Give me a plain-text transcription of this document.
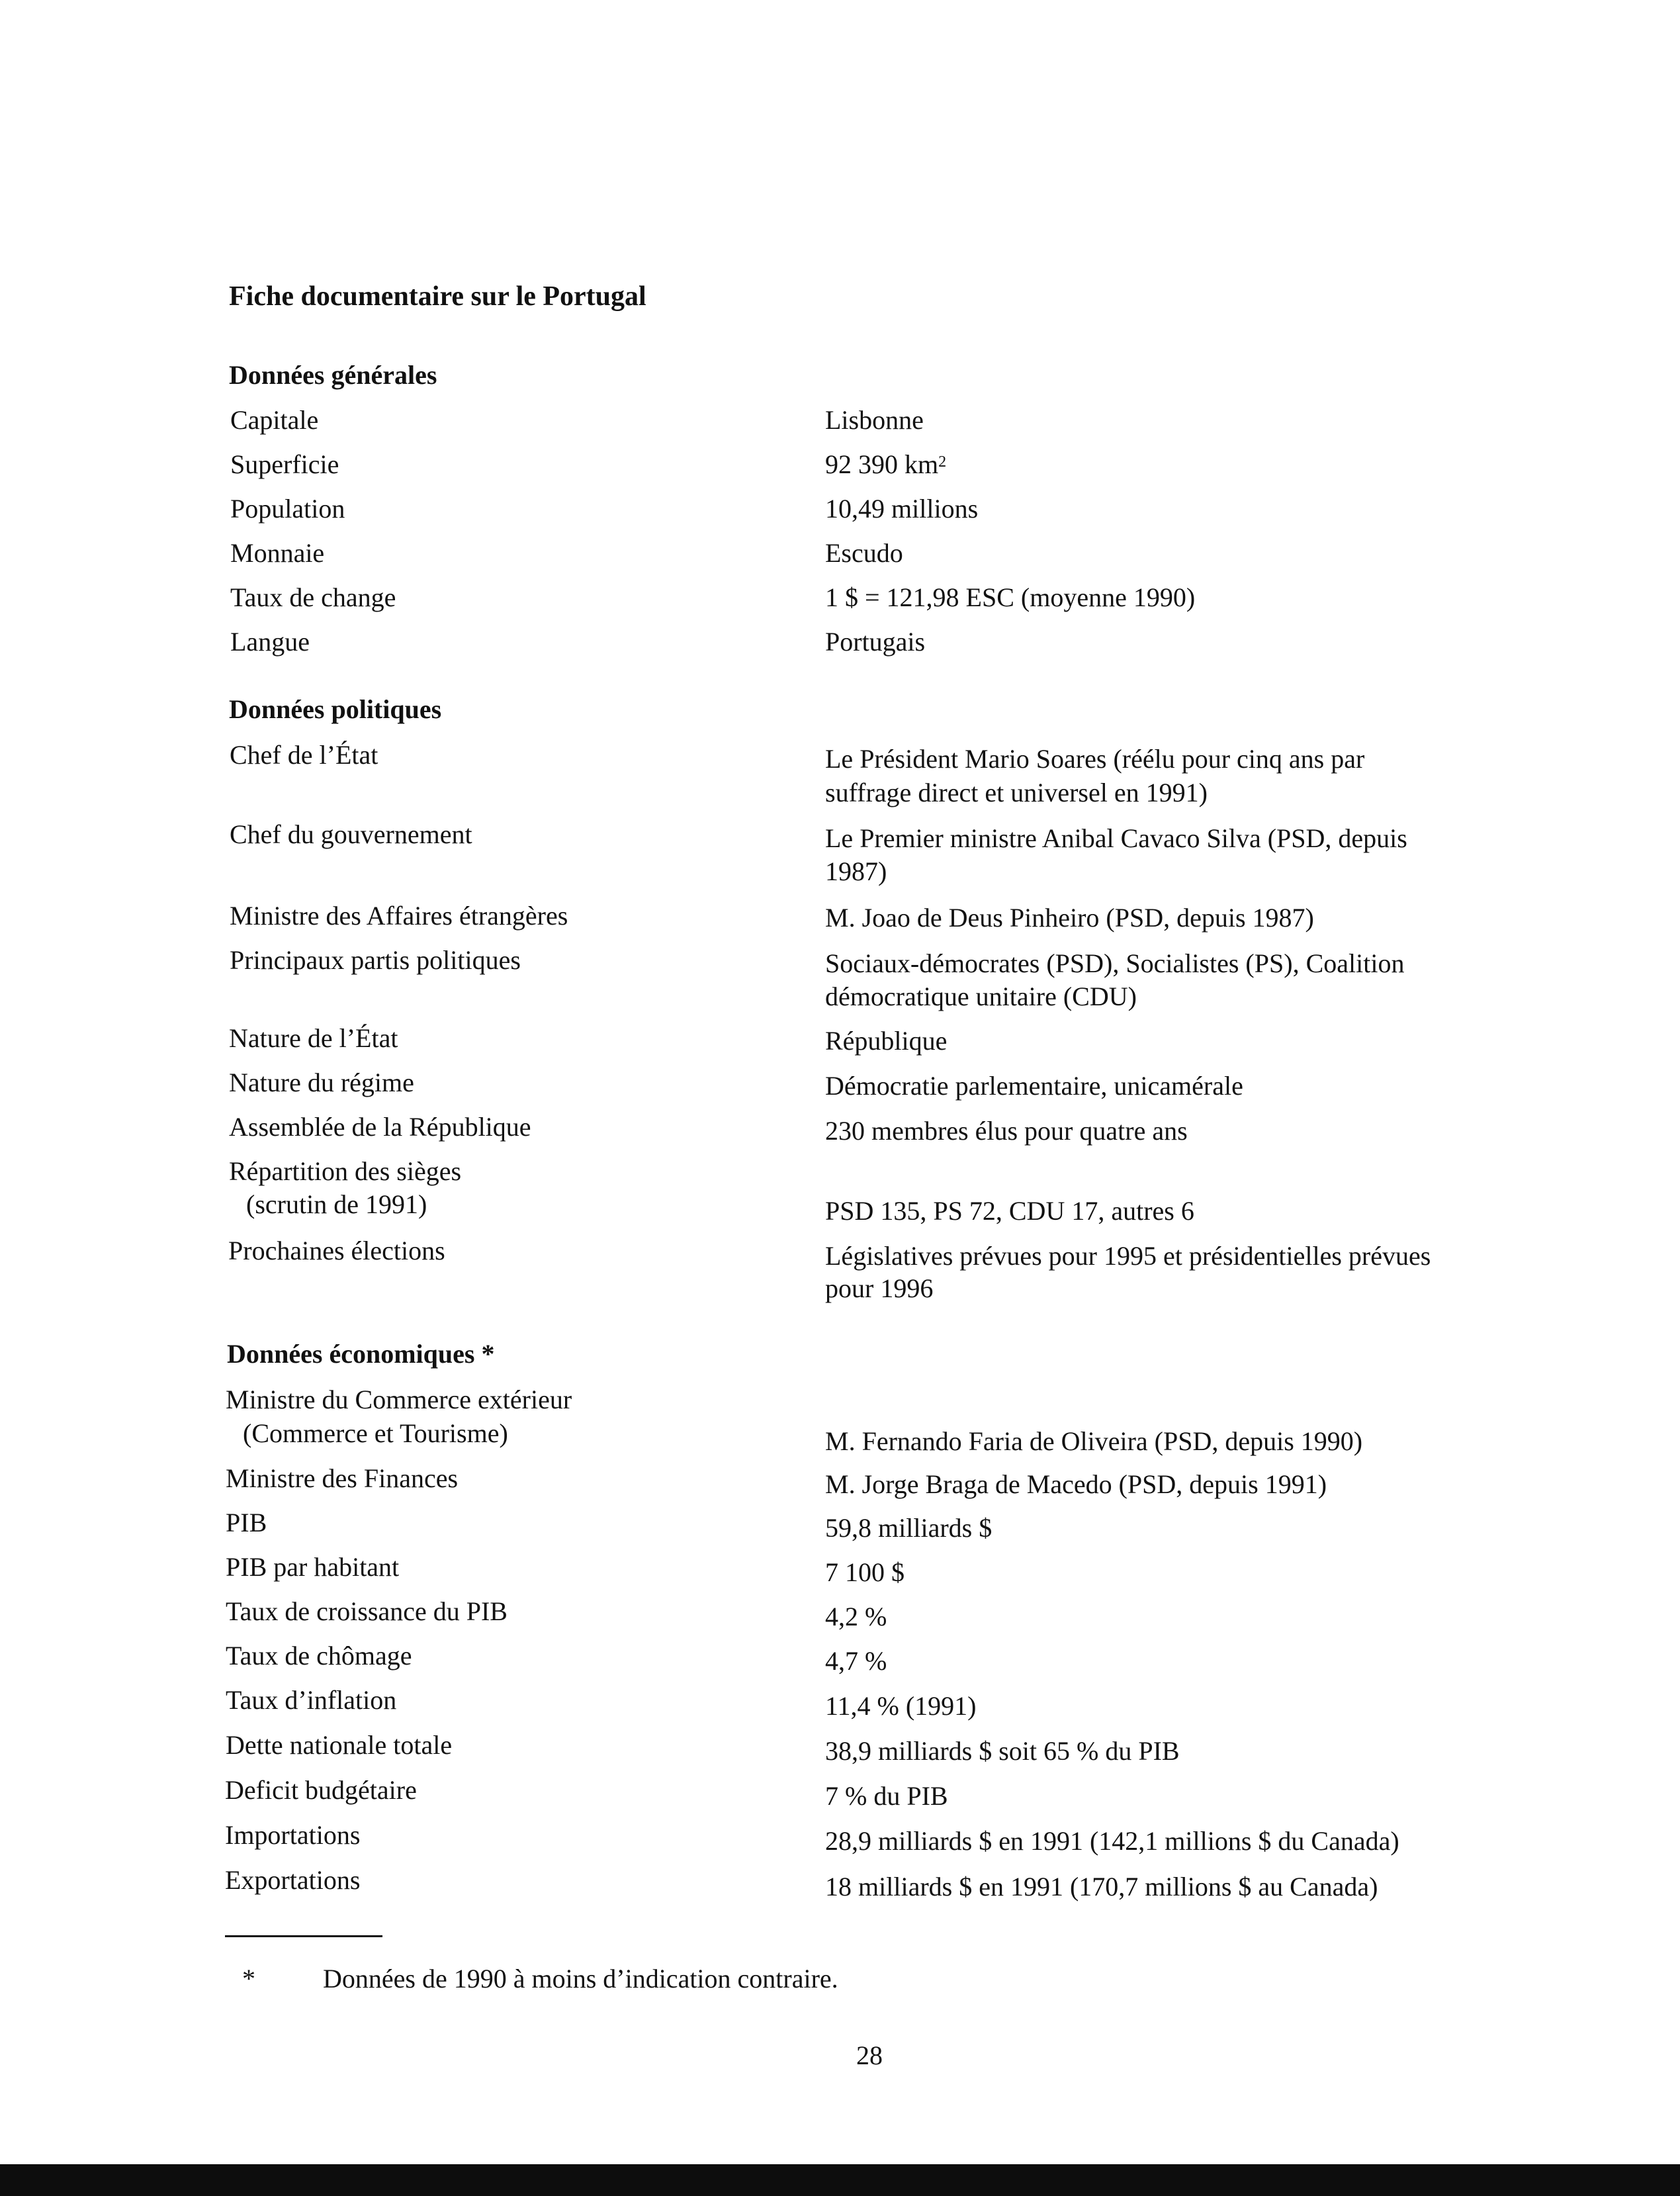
Fiche documentaire sur le Portugal
Données générales
Capitale	Lisbonne
Superficie	92 390 $km^2$
Population	10,49 millions
Monnaie	Escudo
Taux de change	1 $ = 121,98 ESC (moyenne 1990)
Langue	Portugais
Données politiques
Chef de l’État	Le Président Mario Soares (réélu pour cinq ans par
suffrage direct et universel en 1991)
Chef du gouvernement	Le Premier ministre Anibal Cavaco Silva (PSD, depuis
1987)
Ministre des Affaires étrangères	M. Joao de Deus Pinheiro (PSD, depuis 1987)
Principaux partis politiques	Sociaux-démocrates (PSD), Socialistes (PS), Coalition
démocratique unitaire (CDU)
Nature de l’État	République
Nature du régime	Démocratie parlementaire, unicamérale
Assemblée de la République	230 membres élus pour quatre ans
Répartition des sièges
(scrutin de 1991)	PSD 135, PS 72, CDU 17, autres 6
Prochaines élections	Législatives prévues pour 1995 et présidentielles prévues
pour 1996
Données économiques *
Ministre du Commerce extérieur
(Commerce et Tourisme)	M. Fernando Faria de Oliveira (PSD, depuis 1990)
Ministre des Finances	M. Jorge Braga de Macedo (PSD, depuis 1991)
PIB	59,8 milliards $
PIB par habitant	7 100 $
Taux de croissance du PIB	4,2 %
Taux de chômage	4,7 %
Taux d’inflation	11,4 % (1991)
Dette nationale totale	38,9 milliards $ soit 65 % du PIB
Deficit budgétaire	7 % du PIB
Importations	28,9 milliards $ en 1991 (142,1 millions $ du Canada)
Exportations	18 milliards $ en 1991 (170,7 millions $ au Canada)
*	Données de 1990 à moins d’indication contraire.
28
